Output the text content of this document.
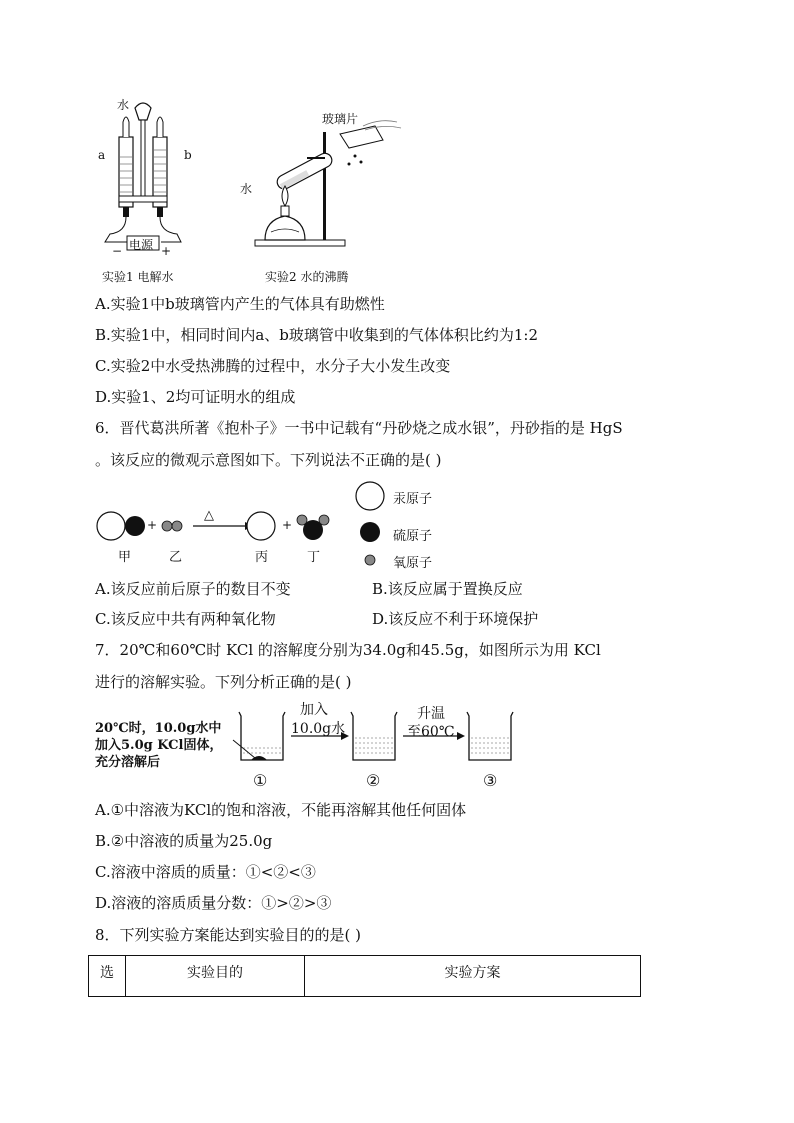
水
a	b
电源
−	+
实验1 电解水
玻璃片
水
实验2 水的沸腾
A.实验1中b玻璃管内产生的气体具有助燃性
B.实验1中，相同时间内a、b玻璃管中收集到的气体体积比约为1:2
C.实验2中水受热沸腾的过程中，水分子大小发生改变
D.实验1、2均可证明水的组成
6．晋代葛洪所著《抱朴子》一书中记载有“丹砂烧之成水银”，丹砂指的是 HgS
。该反应的微观示意图如下。下列说法不正确的是( )
+	+
△
甲	乙	丙	丁
汞原子
硫原子
氧原子
A.该反应前后原子的数目不变	B.该反应属于置换反应
C.该反应中共有两种氧化物	D.该反应不利于环境保护
7．20℃和60℃时 KCl 的溶解度分别为34.0g和45.5g，如图所示为用 KCl
进行的溶解实验。下列分析正确的是( )
20℃时，10.0g水中
加入5.0g KCl固体，
充分溶解后
加入
10.0g水
升温
至60℃
①	②	③
A.①中溶液为KCl的饱和溶液，不能再溶解其他任何固体
B.②中溶液的质量为25.0g
C.溶液中溶质的质量：①<②<③
D.溶液的溶质质量分数：①>②>③
8．下列实验方案能达到实验目的的是( )
选	实验目的	实验方案
